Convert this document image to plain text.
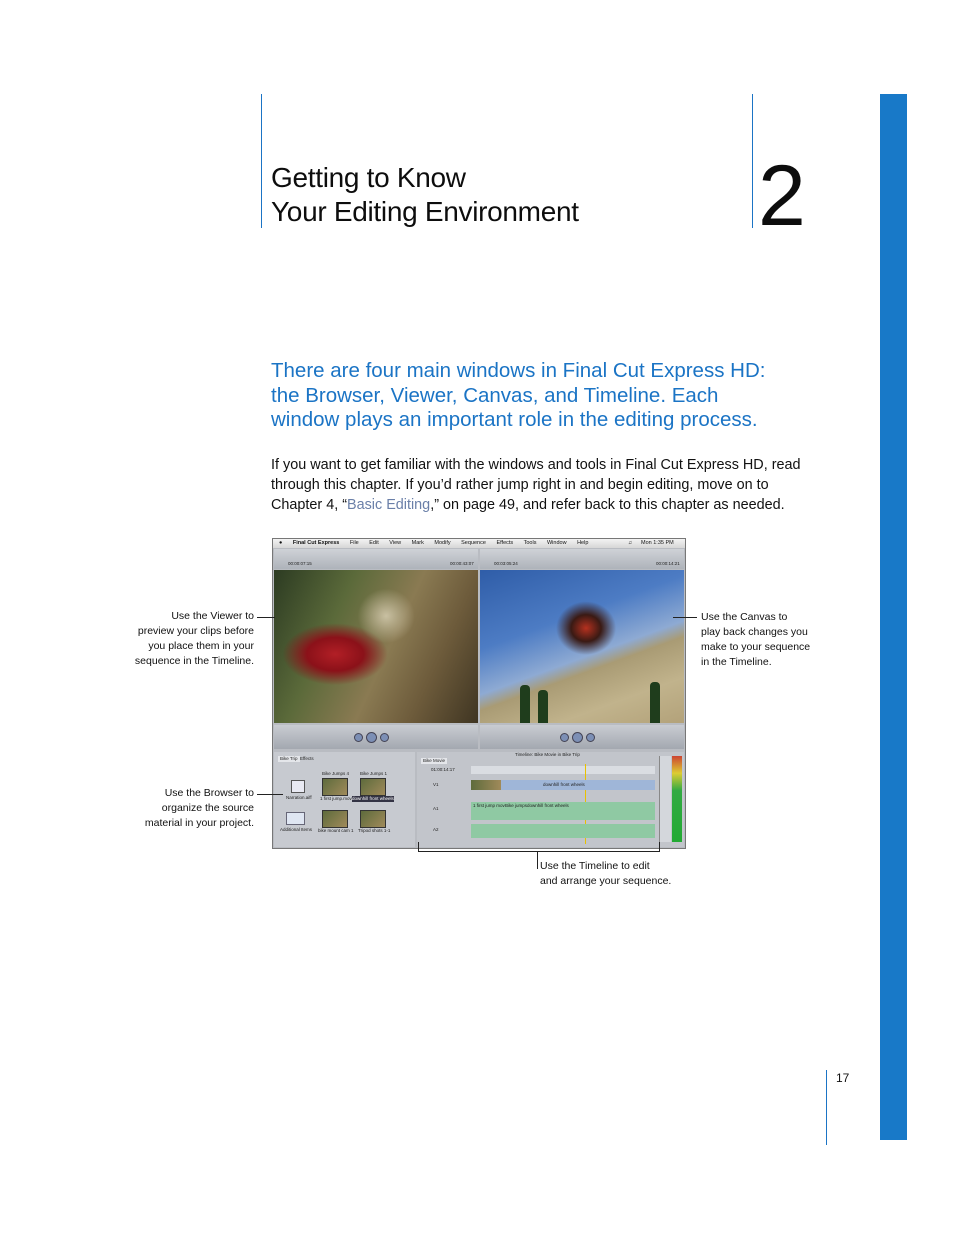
Getting to Know
Your Editing Environment 2

There are four main windows in Final Cut Express HD: the Browser, Viewer, Canvas, and Timeline. Each window plays an important role in the editing process.

If you want to get familiar with the windows and tools in Final Cut Express HD, read through this chapter. If you’d rather jump right in and begin editing, move on to Chapter 4, “Basic Editing,” on page 49, and refer back to this chapter as needed.

● Final Cut Express File Edit View Mark Modify Sequence Effects Tools Window Help	♫ Mon 1:35 PM
00:00:07:15	00:00:43:07	00:03:05:24	00:00:14:21
Bike Trip Effects
Bike Jumps 4 Bike Jumps 1
Narration.aiff 1 first jump.mov downhill front wheels
Additional Items bike mount cam 1 Tripod shots 1-1
Timeline: Bike Movie in Bike Trip
Bike Movie
01:00:14:17
V1	downhill front wheels
A1
1 first jump mov Bike jumps downhill front wheels
A2

Use the Viewer to
preview your clips before
you place them in your
sequence in the Timeline.

Use the Canvas to
play back changes you
make to your sequence
in the Timeline.

Use the Browser to
organize the source
material in your project.

Use the Timeline to edit
and arrange your sequence.

17
